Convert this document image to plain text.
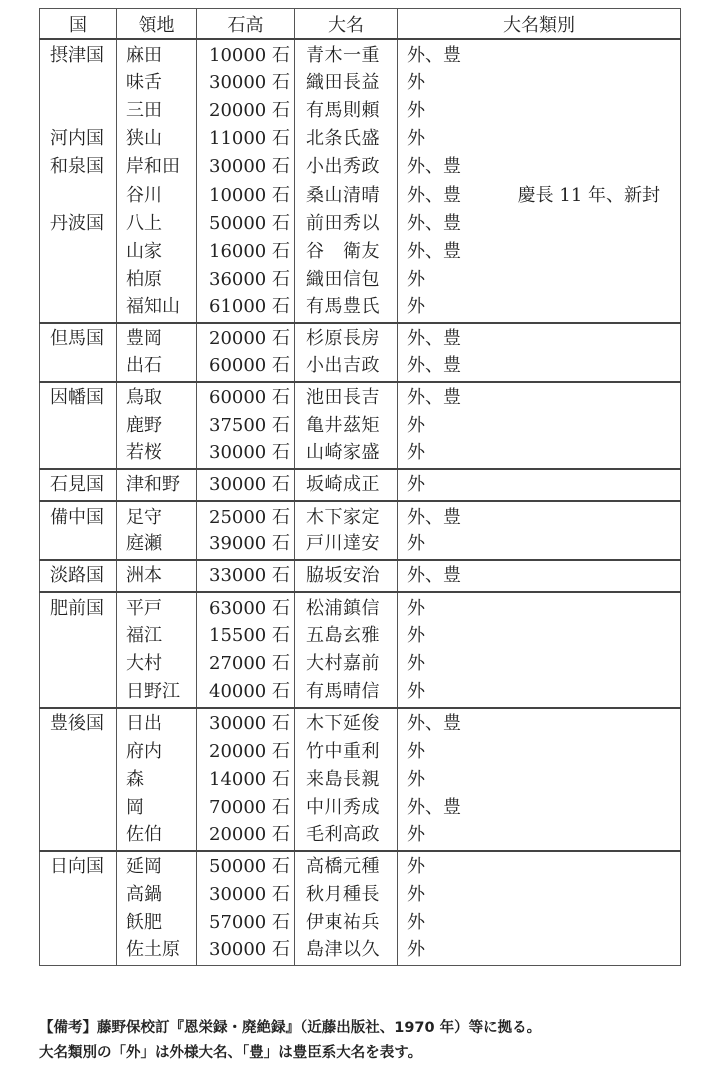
国	領地	石高	大名	大名類別
摂津国	麻田	10000 石	青木一重	外、豊

	味舌	30000 石	織田長益	外

	三田	20000 石	有馬則頼	外

河内国	狭山	11000 石	北条氏盛	外

和泉国	岸和田	30000 石	小出秀政	外、豊

	谷川	10000 石	桑山清晴	外、豊 慶長 11 年、新封

丹波国	八上	50000 石	前田秀以	外、豊

	山家	16000 石	谷　衛友	外、豊

	柏原	36000 石	織田信包	外

	福知山	61000 石	有馬豊氏	外

但馬国	豊岡	20000 石	杉原長房	外、豊

	出石	60000 石	小出吉政	外、豊

因幡国	鳥取	60000 石	池田長吉	外、豊

	鹿野	37500 石	亀井茲矩	外

	若桜	30000 石	山崎家盛	外

石見国	津和野	30000 石	坂崎成正	外

備中国	足守	25000 石	木下家定	外、豊

	庭瀬	39000 石	戸川達安	外

淡路国	洲本	33000 石	脇坂安治	外、豊

肥前国	平戸	63000 石	松浦鎮信	外

	福江	15500 石	五島玄雅	外

	大村	27000 石	大村嘉前	外

	日野江	40000 石	有馬晴信	外

豊後国	日出	30000 石	木下延俊	外、豊

	府内	20000 石	竹中重利	外

	森	14000 石	来島長親	外

	岡	70000 石	中川秀成	外、豊

	佐伯	20000 石	毛利高政	外

日向国	延岡	50000 石	高橋元種	外

	高鍋	30000 石	秋月種長	外

	飫肥	57000 石	伊東祐兵	外

	佐土原	30000 石	島津以久	外

【備考】藤野保校訂『恩栄録・廃絶録』（近藤出版社、1970 年）等に拠る。

大名類別の「外」は外様大名、「豊」は豊臣系大名を表す。
